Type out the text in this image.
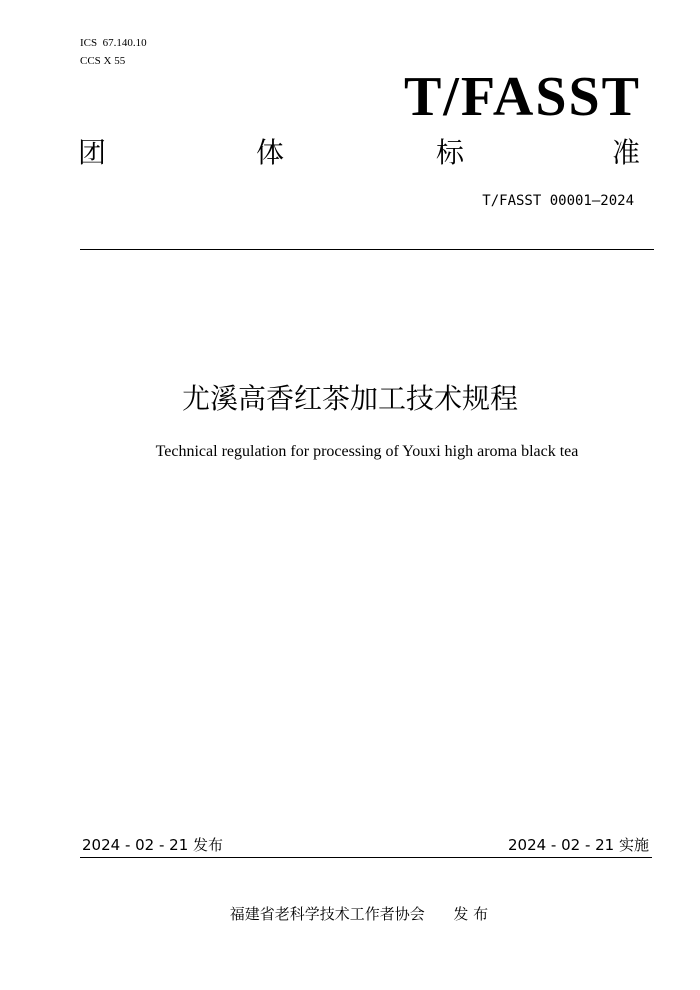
ICS  67.140.10
CCS X 55
T/FASST
团	体	标	准
T/FASST 00001—2024
尤溪高香红茶加工技术规程
Technical regulation for processing of Youxi high aroma black tea
2024 - 02 - 21 发布	2024 - 02 - 21 实施
福建省老科学技术工作者协会      发 布
